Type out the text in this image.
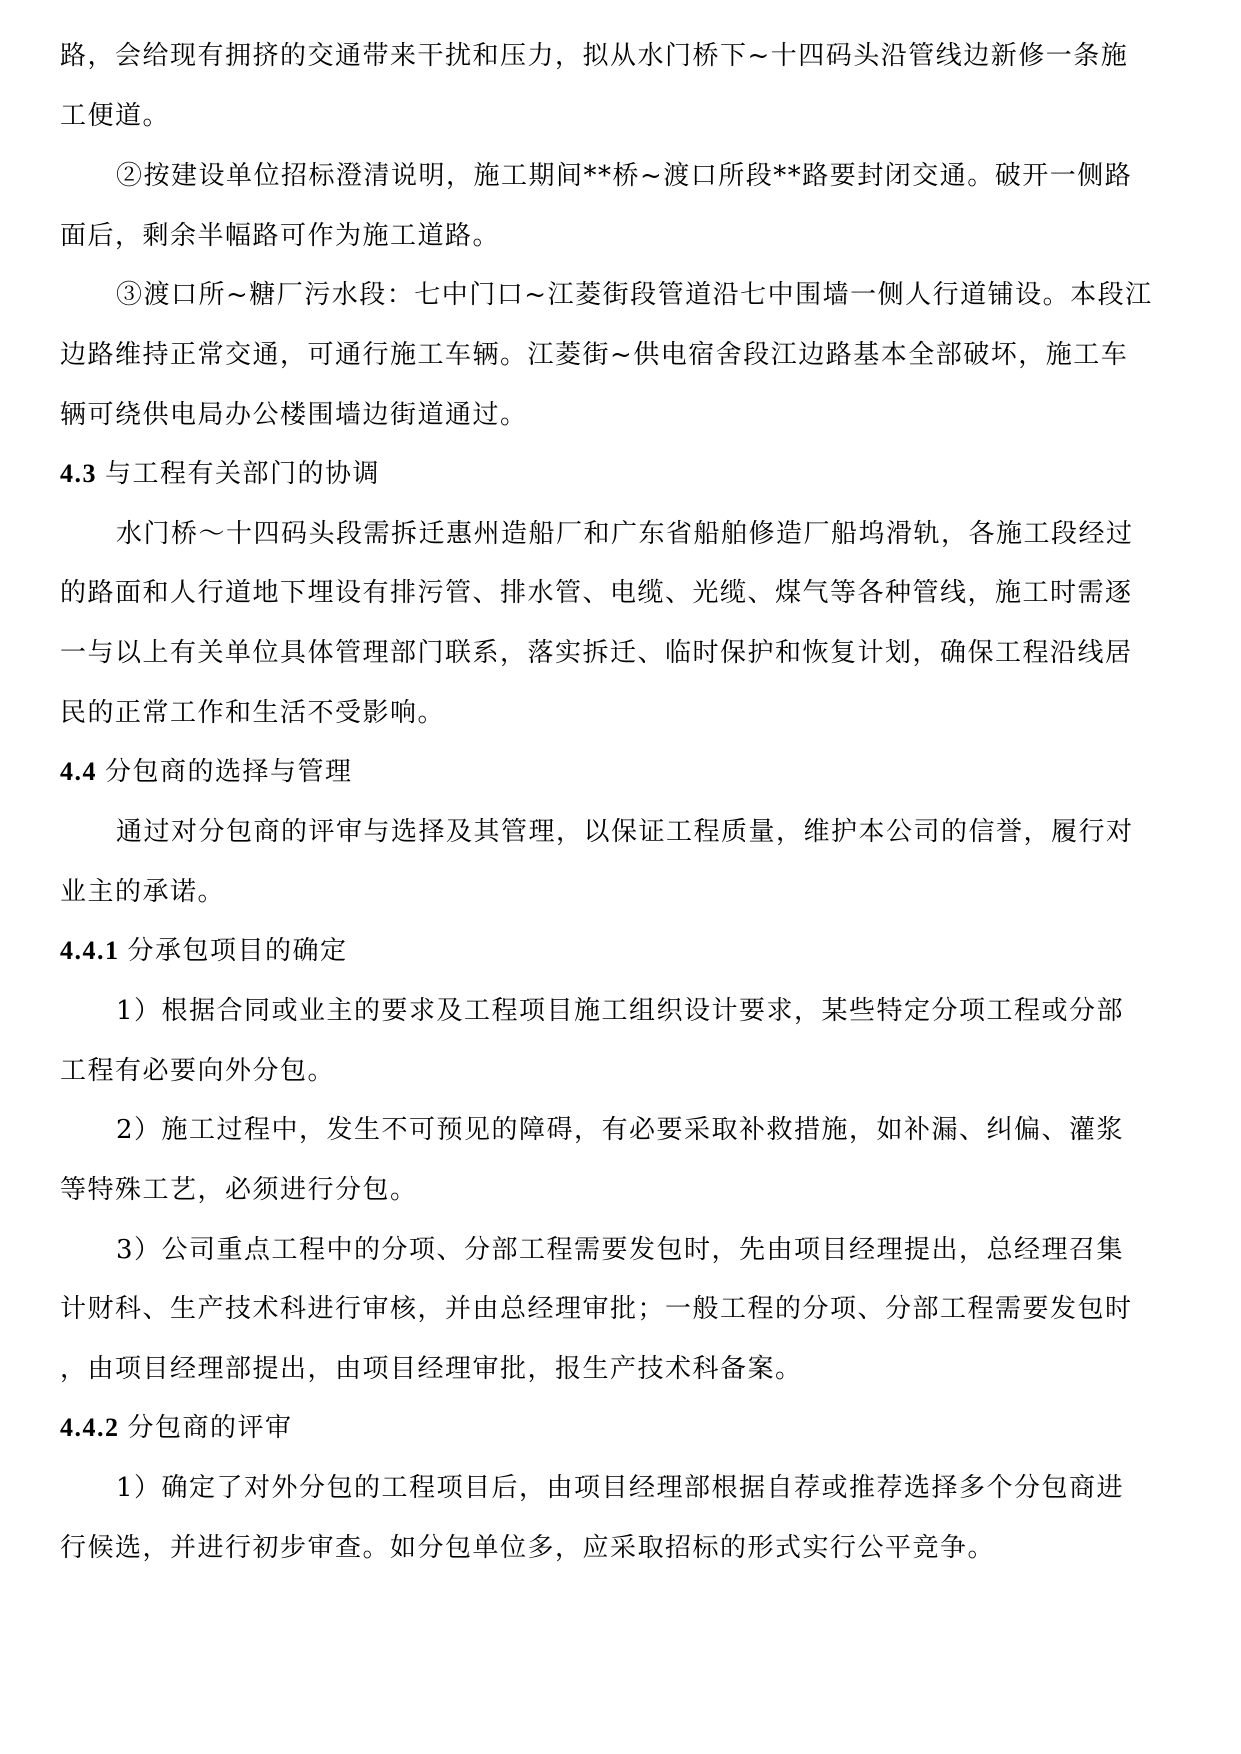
路，会给现有拥挤的交通带来干扰和压力，拟从水门桥下~十四码头沿管线边新修一条施

工便道。

②按建设单位招标澄清说明，施工期间**桥~渡口所段**路要封闭交通。破开一侧路

面后，剩余半幅路可作为施工道路。

③渡口所~糖厂污水段：七中门口~江菱街段管道沿七中围墙一侧人行道铺设。本段江

边路维持正常交通，可通行施工车辆。江菱街~供电宿舍段江边路基本全部破坏，施工车

辆可绕供电局办公楼围墙边街道通过。

4.3 与工程有关部门的协调

水门桥～十四码头段需拆迁惠州造船厂和广东省船舶修造厂船坞滑轨，各施工段经过

的路面和人行道地下埋设有排污管、排水管、电缆、光缆、煤气等各种管线，施工时需逐

一与以上有关单位具体管理部门联系，落实拆迁、临时保护和恢复计划，确保工程沿线居

民的正常工作和生活不受影响。

4.4 分包商的选择与管理

通过对分包商的评审与选择及其管理，以保证工程质量，维护本公司的信誉，履行对

业主的承诺。

4.4.1 分承包项目的确定

1）根据合同或业主的要求及工程项目施工组织设计要求，某些特定分项工程或分部

工程有必要向外分包。

2）施工过程中，发生不可预见的障碍，有必要采取补救措施，如补漏、纠偏、灌浆

等特殊工艺，必须进行分包。

3）公司重点工程中的分项、分部工程需要发包时，先由项目经理提出，总经理召集

计财科、生产技术科进行审核，并由总经理审批；一般工程的分项、分部工程需要发包时

，由项目经理部提出，由项目经理审批，报生产技术科备案。

4.4.2 分包商的评审

1）确定了对外分包的工程项目后，由项目经理部根据自荐或推荐选择多个分包商进

行候选，并进行初步审查。如分包单位多，应采取招标的形式实行公平竞争。
